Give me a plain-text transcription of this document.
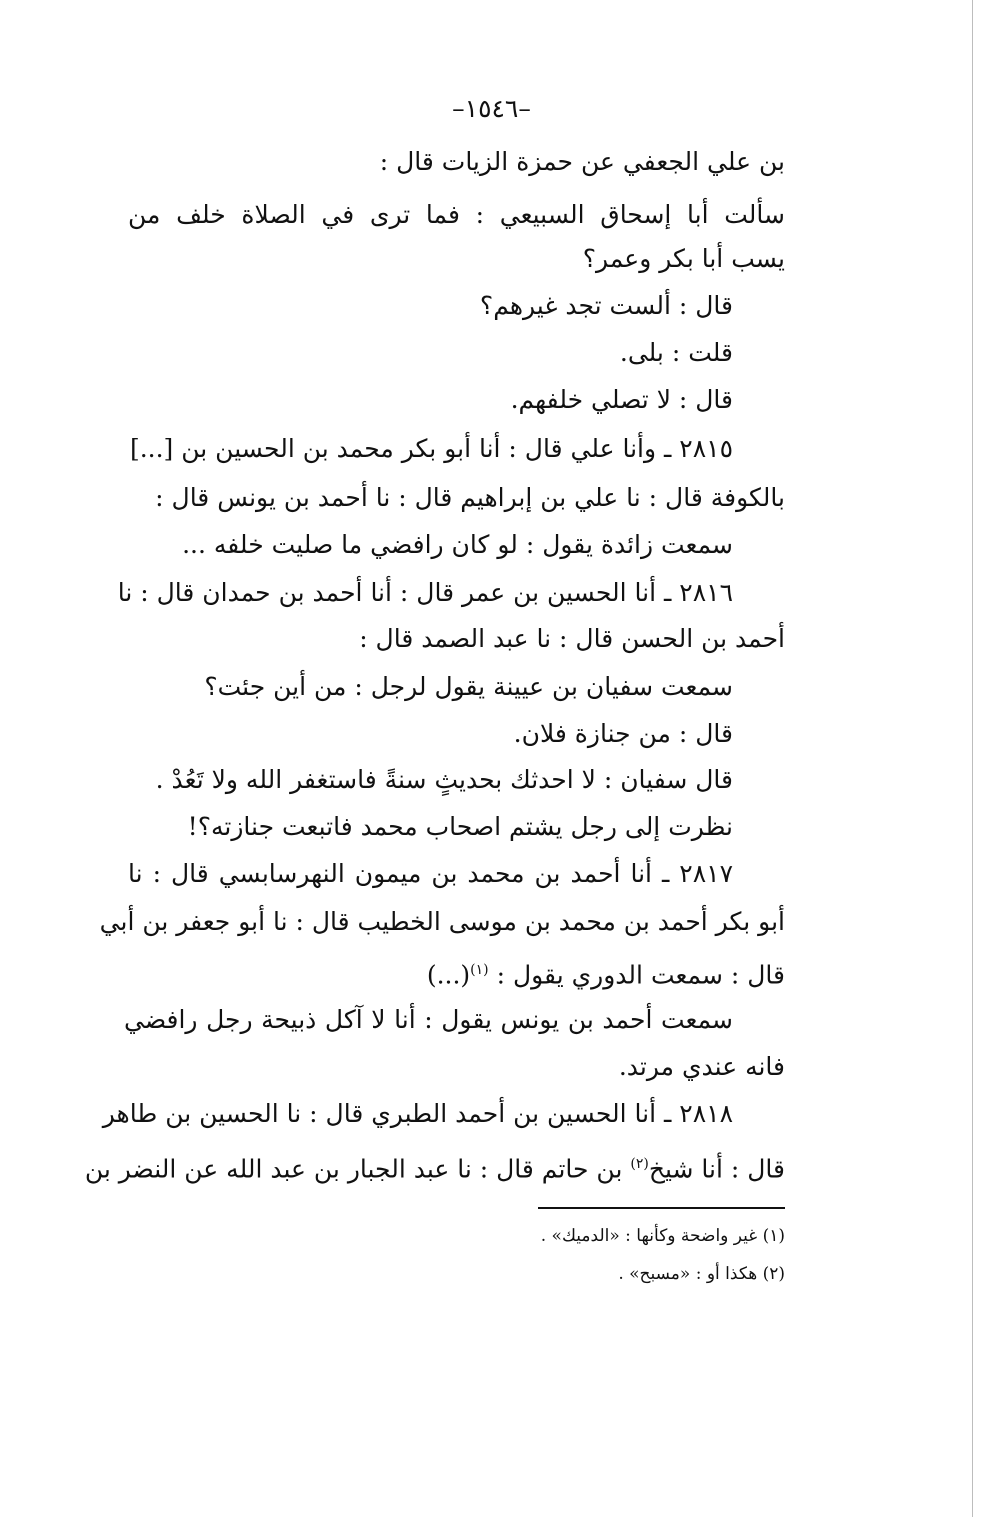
–١٥٤٦–
بن علي الجعفي عن حمزة الزيات قال :
سألت أبا إسحاق السبيعي : فما ترى في الصلاة خلف من
يسب أبا بكر وعمر؟
قال : ألست تجد غيرهم؟
قلت : بلى.
قال : لا تصلي خلفهم.
٢٨١٥ ـ وأنا علي قال : أنا أبو بكر محمد بن الحسين بن [...]
بالكوفة قال : نا علي بن إبراهيم قال : نا أحمد بن يونس قال :
سمعت زائدة يقول : لو كان رافضي ما صليت خلفه ...
٢٨١٦ ـ أنا الحسين بن عمر قال : أنا أحمد بن حمدان قال : نا
أحمد بن الحسن قال : نا عبد الصمد قال :
سمعت سفيان بن عيينة يقول لرجل : من أين جئت؟
قال : من جنازة فلان.
قال سفيان : لا احدثك بحديثٍ سنةً فاستغفر الله ولا تَعُدْ .
نظرت إلى رجل يشتم اصحاب محمد فاتبعت جنازته؟!
٢٨١٧ ـ أنا أحمد بن محمد بن ميمون النهرسابسي قال : نا
أبو بكر أحمد بن محمد بن موسى الخطيب قال : نا أبو جعفر بن أبي
قال : سمعت الدوري يقول : $^{(١)}$(...)
سمعت أحمد بن يونس يقول : أنا لا آكل ذبيحة رجل رافضي
فانه عندي مرتد.
٢٨١٨ ـ أنا الحسين بن أحمد الطبري قال : نا الحسين بن طاهر
قال : أنا شيخ$^{(٢)}$ بن حاتم قال : نا عبد الجبار بن عبد الله عن النضر بن
(١) غير واضحة وكأنها : «الدميك» .
(٢) هكذا أو : «مسبح» .
